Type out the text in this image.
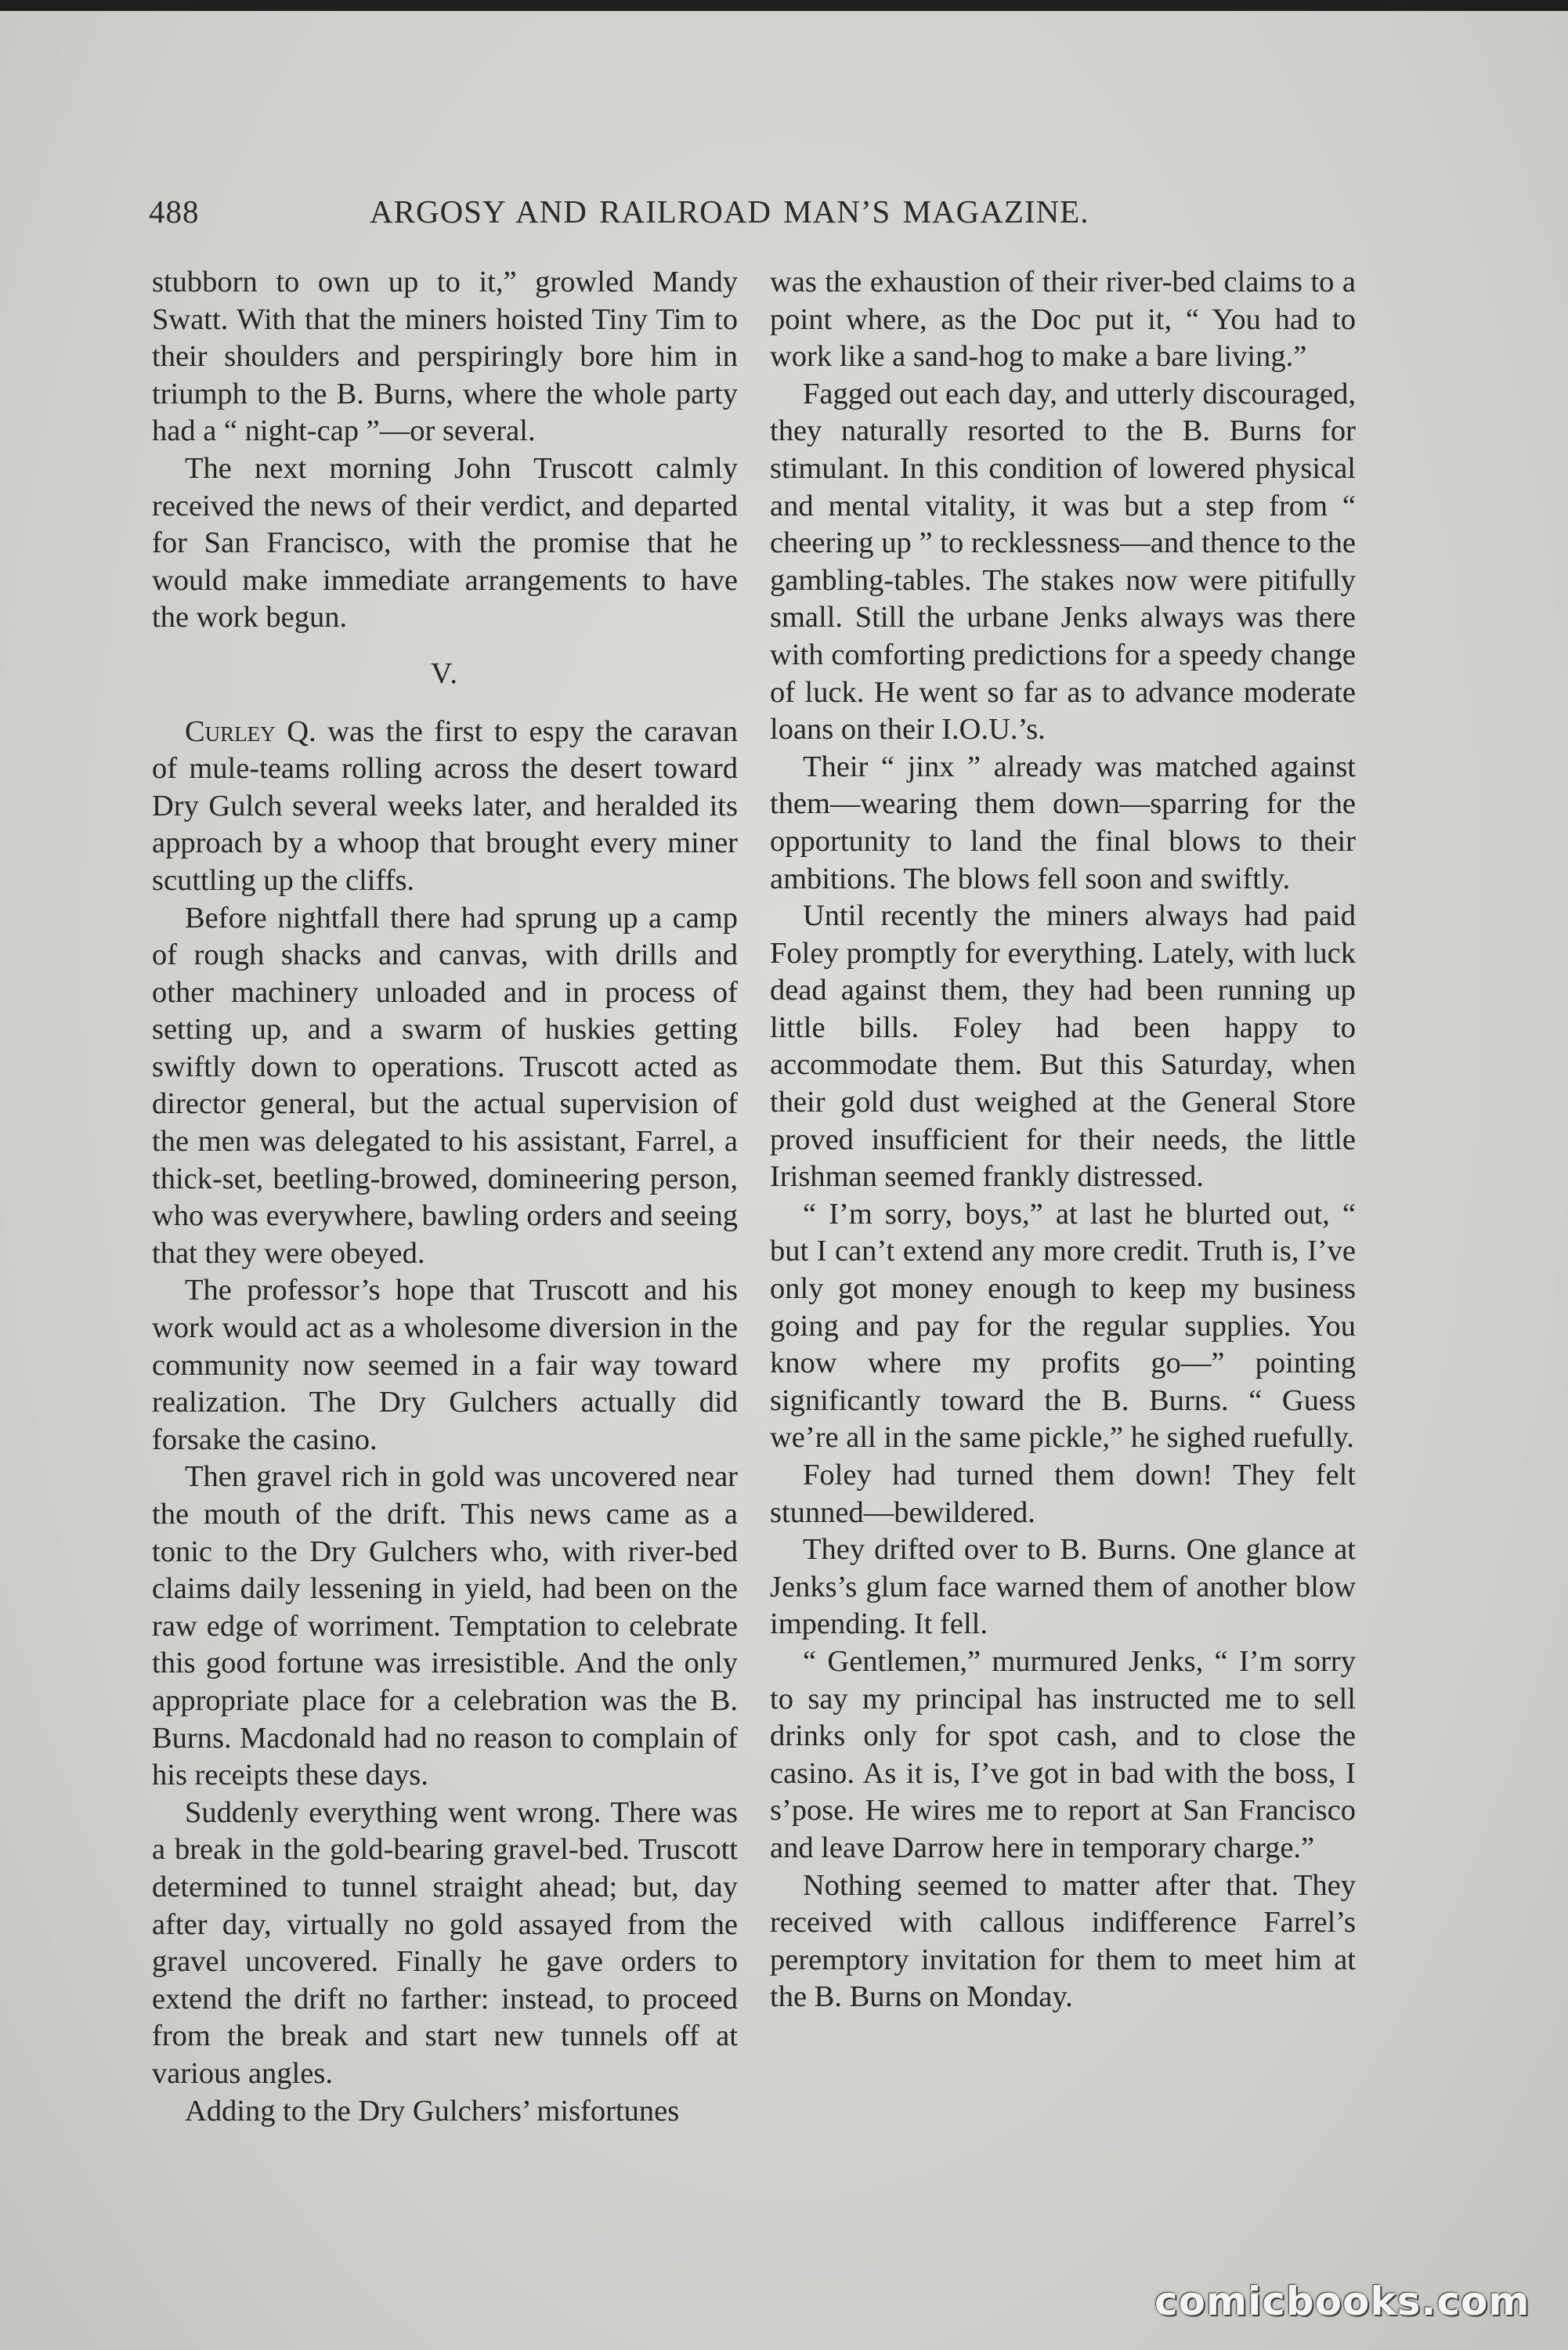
488	ARGOSY AND RAILROAD MAN’S MAGAZINE.

stubborn to own up to it,” growled Mandy Swatt. With that the miners hoisted Tiny Tim to their shoulders and perspiringly bore him in triumph to the B. Burns, where the whole party had a “ night-cap ”—or several.

The next morning John Truscott calmly received the news of their verdict, and departed for San Francisco, with the promise that he would make immediate arrangements to have the work begun.

V.

Curley Q. was the first to espy the caravan of mule-teams rolling across the desert toward Dry Gulch several weeks later, and heralded its approach by a whoop that brought every miner scuttling up the cliffs.

Before nightfall there had sprung up a camp of rough shacks and canvas, with drills and other machinery unloaded and in process of setting up, and a swarm of huskies getting swiftly down to operations. Truscott acted as director general, but the actual supervision of the men was delegated to his assistant, Farrel, a thick-set, beetling-browed, domineering person, who was everywhere, bawling orders and seeing that they were obeyed.

The professor’s hope that Truscott and his work would act as a wholesome diversion in the community now seemed in a fair way toward realization. The Dry Gulchers actually did forsake the casino.

Then gravel rich in gold was uncovered near the mouth of the drift. This news came as a tonic to the Dry Gulchers who, with river-bed claims daily lessening in yield, had been on the raw edge of worriment. Temptation to celebrate this good fortune was irresistible. And the only appropriate place for a celebration was the B. Burns. Macdonald had no reason to complain of his receipts these days.

Suddenly everything went wrong. There was a break in the gold-bearing gravel-bed. Truscott determined to tunnel straight ahead; but, day after day, virtually no gold assayed from the gravel uncovered. Finally he gave orders to extend the drift no farther: instead, to proceed from the break and start new tunnels off at various angles.

Adding to the Dry Gulchers’ misfortunes

was the exhaustion of their river-bed claims to a point where, as the Doc put it, “ You had to work like a sand-hog to make a bare living.”

Fagged out each day, and utterly discouraged, they naturally resorted to the B. Burns for stimulant. In this condition of lowered physical and mental vitality, it was but a step from “ cheering up ” to recklessness—and thence to the gambling-tables. The stakes now were pitifully small. Still the urbane Jenks always was there with comforting predictions for a speedy change of luck. He went so far as to advance moderate loans on their I.O.U.’s.

Their “ jinx ” already was matched against them—wearing them down—sparring for the opportunity to land the final blows to their ambitions. The blows fell soon and swiftly.

Until recently the miners always had paid Foley promptly for everything. Lately, with luck dead against them, they had been running up little bills. Foley had been happy to accommodate them. But this Saturday, when their gold dust weighed at the General Store proved insufficient for their needs, the little Irishman seemed frankly distressed.

“ I’m sorry, boys,” at last he blurted out, “ but I can’t extend any more credit. Truth is, I’ve only got money enough to keep my business going and pay for the regular supplies. You know where my profits go—” pointing significantly toward the B. Burns. “ Guess we’re all in the same pickle,” he sighed ruefully.

Foley had turned them down! They felt stunned—bewildered.

They drifted over to B. Burns. One glance at Jenks’s glum face warned them of another blow impending. It fell.

“ Gentlemen,” murmured Jenks, “ I’m sorry to say my principal has instructed me to sell drinks only for spot cash, and to close the casino. As it is, I’ve got in bad with the boss, I s’pose. He wires me to report at San Francisco and leave Darrow here in temporary charge.”

Nothing seemed to matter after that. They received with callous indifference Farrel’s peremptory invitation for them to meet him at the B. Burns on Monday.

comicbooks.com
